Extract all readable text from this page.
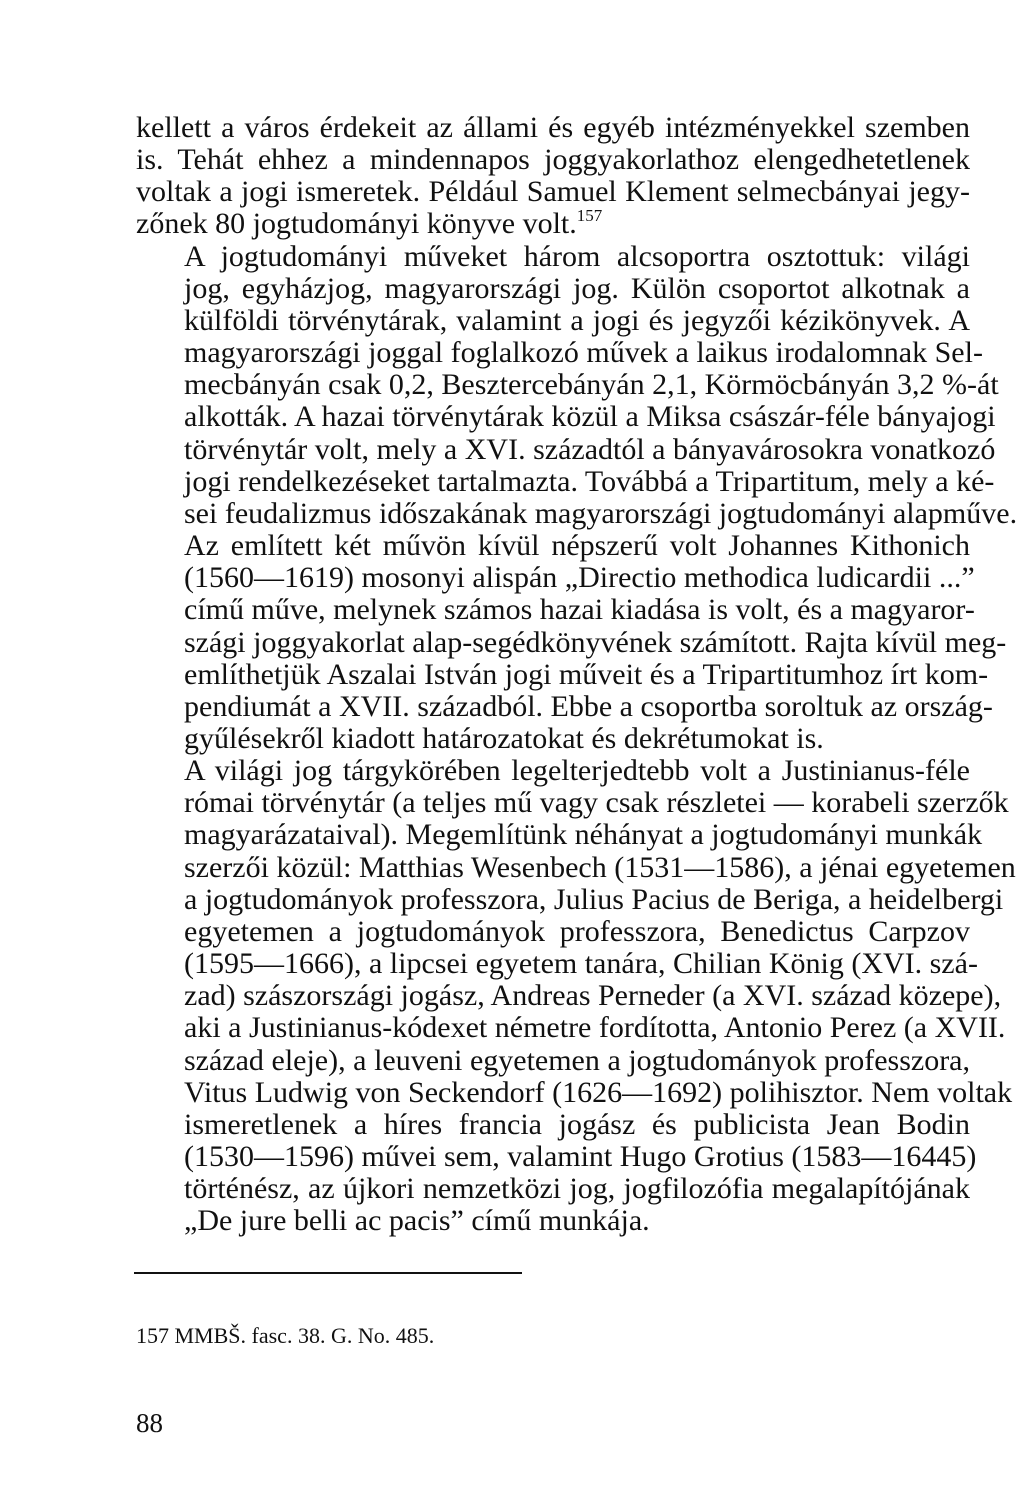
kellett a város érdekeit az állami és egyéb intézményekkel szemben
is. Tehát ehhez a mindennapos joggyakorlathoz elengedhetetlenek
voltak a jogi ismeretek. Például Samuel Klement selmecbányai jegy-
zőnek 80 jogtudományi könyve volt.$^{157}$

A jogtudományi műveket három alcsoportra osztottuk: világi
jog, egyházjog, magyarországi jog. Külön csoportot alkotnak a
külföldi törvénytárak, valamint a jogi és jegyzői kézikönyvek. A
magyarországi joggal foglalkozó művek a laikus irodalomnak Sel-
mecbányán csak 0,2, Besztercebányán 2,1, Körmöcbányán 3,2 %-át
alkották. A hazai törvénytárak közül a Miksa császár-féle bányajogi
törvénytár volt, mely a XVI. századtól a bányavárosokra vonatkozó
jogi rendelkezéseket tartalmazta. Továbbá a Tripartitum, mely a ké-
sei feudalizmus időszakának magyarországi jogtudományi alapműve.
Az említett két művön kívül népszerű volt Johannes Kithonich
(1560—1619) mosonyi alispán „Directio methodica ludicardii ...”
című műve, melynek számos hazai kiadása is volt, és a magyaror-
szági joggyakorlat alap-segédkönyvének számított. Rajta kívül meg-
említhetjük Aszalai István jogi műveit és a Tripartitumhoz írt kom-
pendiumát a XVII. századból. Ebbe a csoportba soroltuk az ország-
gyűlésekről kiadott határozatokat és dekrétumokat is.

A világi jog tárgykörében legelterjedtebb volt a Justinianus-féle
római törvénytár (a teljes mű vagy csak részletei — korabeli szerzők
magyarázataival). Megemlítünk néhányat a jogtudományi munkák
szerzői közül: Matthias Wesenbech (1531—1586), a jénai egyetemen
a jogtudományok professzora, Julius Pacius de Beriga, a heidelbergi
egyetemen a jogtudományok professzora, Benedictus Carpzov
(1595—1666), a lipcsei egyetem tanára, Chilian König (XVI. szá-
zad) szászországi jogász, Andreas Perneder (a XVI. század közepe),
aki a Justinianus-kódexet németre fordította, Antonio Perez (a XVII.
század eleje), a leuveni egyetemen a jogtudományok professzora,
Vitus Ludwig von Seckendorf (1626—1692) polihisztor. Nem voltak
ismeretlenek a híres francia jogász és publicista Jean Bodin
(1530—1596) művei sem, valamint Hugo Grotius (1583—16445)
történész, az újkori nemzetközi jog, jogfilozófia megalapítójának
„De jure belli ac pacis” című munkája.

157 MMBŠ. fasc. 38. G. No. 485.
88
